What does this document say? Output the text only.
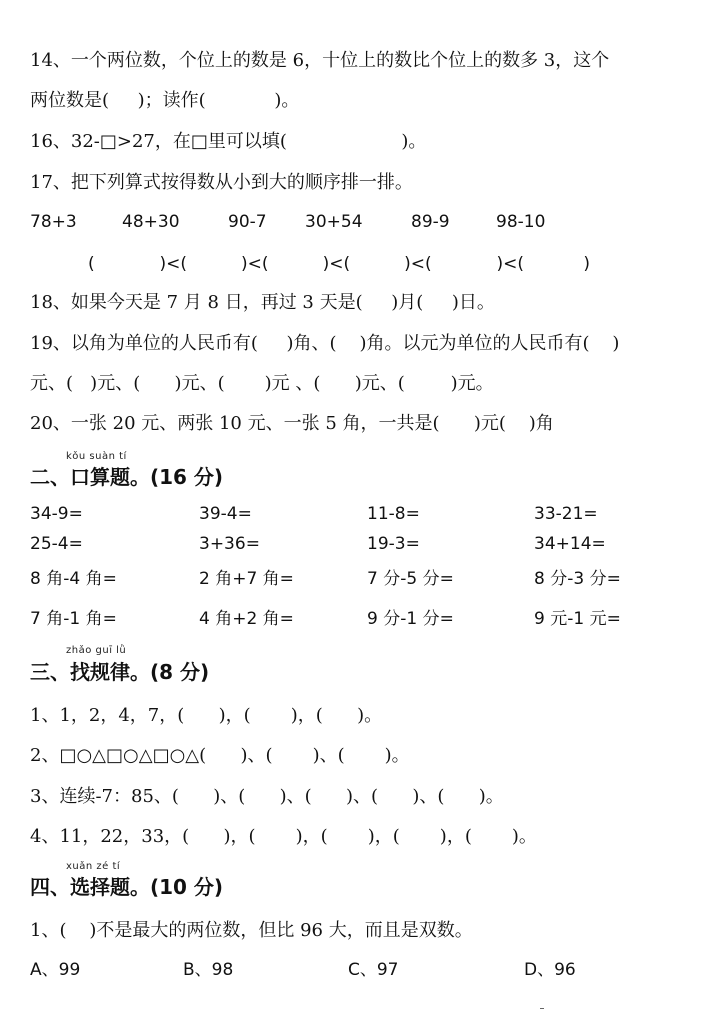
14、一个两位数，个位上的数是 6，十位上的数比个位上的数多 3，这个
两位数是(     )；读作(            )。
16、32-□>27，在□里可以填(                    )。
17、把下列算式按得数从小到大的顺序排一排。
78+3	48+30	90-7 30+54	89-9	98-10
(            )<(          )<(          )<(          )<(            )<(           )
18、如果今天是 7 月 8 日，再过 3 天是(     )月(     )日。
19、以角为单位的人民币有(     )角、(    )角。以元为单位的人民币有(    )
元、(   )元、(      )元、(       )元 、(      )元、(        )元。
20、一张 20 元、两张 10 元、一张 5 角，一共是(      )元(    )角
kǒu suàn tí
二、口算题。(16 分)
34-9=	39-4=	11-8=	33-21=
25-4=	3+36=	19-3=	34+14=
8 角-4 角=	2 角+7 角=	7 分-5 分=	8 分-3 分=
7 角-1 角=	4 角+2 角=	9 分-1 分=	9 元-1 元=
zhǎo guī lǜ
三、找规律。(8 分)
1、1，2，4，7，(      )，(       )，(      )。
2、□○△□○△□○△(      )、(       )、(       )。
3、连续-7：85、(      )、(      )、(      )、(      )、(      )。
4、11，22，33，(      )，(       )，(       )，(       )，(       )。
xuǎn zé tí
四、选择题。(10 分)
1、(    )不是最大的两位数，但比 96 大，而且是双数。
A、99	B、98	C、97	D、96
